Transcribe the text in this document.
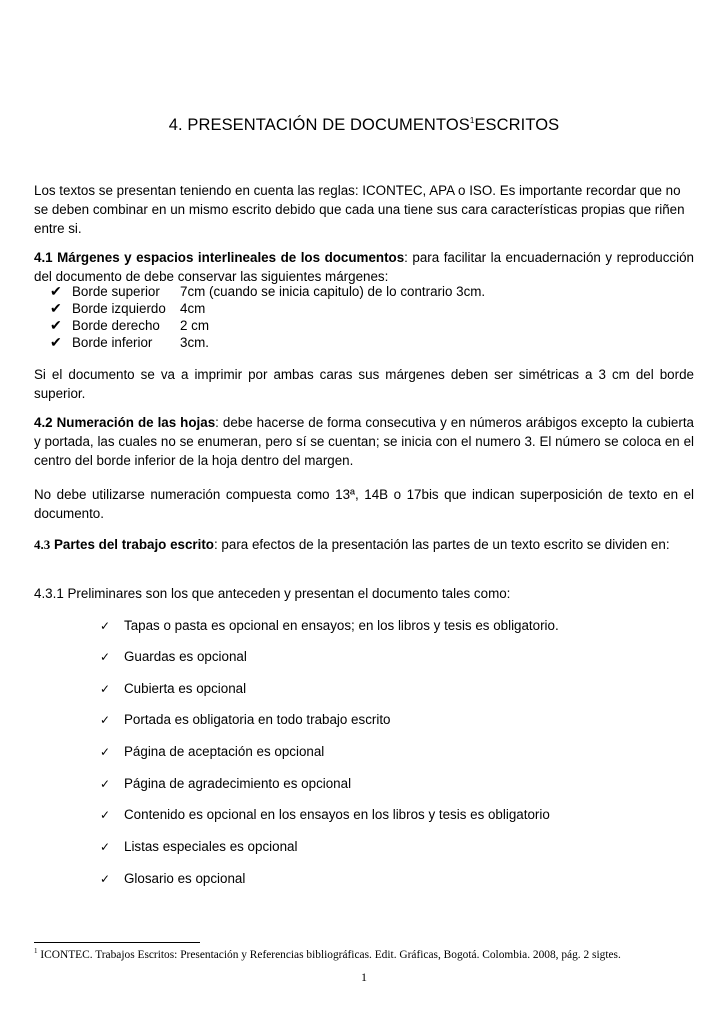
4. PRESENTACIÓN DE DOCUMENTOS$^1$ESCRITOS
Los textos se presentan teniendo en cuenta las reglas: ICONTEC, APA o ISO. Es importante recordar que no se deben combinar en un mismo escrito debido que cada una tiene sus cara características propias que riñen entre si.
4.1 Márgenes y espacios interlineales de los documentos: para facilitar la encuadernación y reproducción del documento de debe conservar las siguientes márgenes:
✔ Borde superior 7cm (cuando se inicia capitulo) de lo contrario 3cm.
✔ Borde izquierdo 4cm
✔ Borde derecho 2 cm
✔ Borde inferior 3cm.
Si el documento se va a imprimir por ambas caras sus márgenes deben ser simétricas a 3 cm del borde superior.
4.2 Numeración de las hojas: debe hacerse de forma consecutiva y en números arábigos excepto la cubierta y portada, las cuales no se enumeran, pero sí se cuentan; se inicia con el numero 3. El número se coloca en el centro del borde inferior de la hoja dentro del margen.
No debe utilizarse numeración compuesta como 13ª, 14B o 17bis que indican superposición de texto en el documento.
4.3 Partes del trabajo escrito: para efectos de la presentación las partes de un texto escrito se dividen en:
4.3.1 Preliminares son los que anteceden y presentan el documento tales como:
✓ Tapas o pasta es opcional en ensayos; en los libros y tesis es obligatorio.
✓ Guardas es opcional
✓ Cubierta es opcional
✓ Portada es obligatoria en todo trabajo escrito
✓ Página de aceptación es opcional
✓ Página de agradecimiento es opcional
✓ Contenido es opcional en los ensayos en los libros y tesis es obligatorio
✓ Listas especiales es opcional
✓ Glosario es opcional
$^1$ ICONTEC. Trabajos Escritos: Presentación y Referencias bibliográficas. Edit. Gráficas, Bogotá. Colombia. 2008, pág. 2 sigtes.
1
